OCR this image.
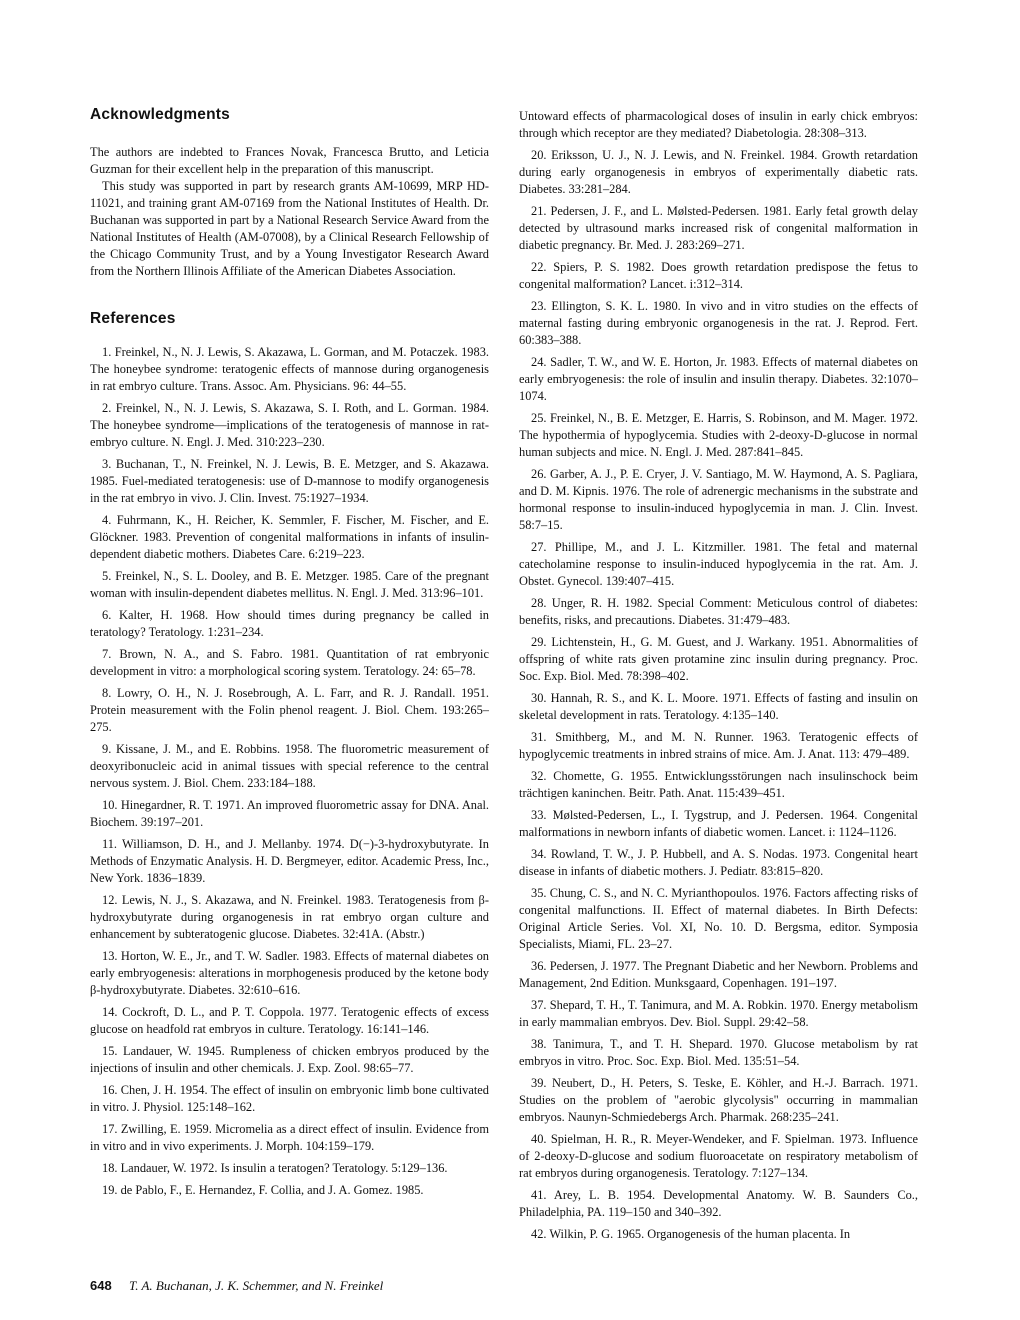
Acknowledgments

The authors are indebted to Frances Novak, Francesca Brutto, and Leticia Guzman for their excellent help in the preparation of this manuscript.

This study was supported in part by research grants AM-10699, MRP HD-11021, and training grant AM-07169 from the National Institutes of Health. Dr. Buchanan was supported in part by a National Research Service Award from the National Institutes of Health (AM-07008), by a Clinical Research Fellowship of the Chicago Community Trust, and by a Young Investigator Research Award from the Northern Illinois Affiliate of the American Diabetes Association.

References

1. Freinkel, N., N. J. Lewis, S. Akazawa, L. Gorman, and M. Potaczek. 1983. The honeybee syndrome: teratogenic effects of mannose during organogenesis in rat embryo culture. Trans. Assoc. Am. Physicians. 96: 44–55.

2. Freinkel, N., N. J. Lewis, S. Akazawa, S. I. Roth, and L. Gorman. 1984. The honeybee syndrome—implications of the teratogenesis of mannose in rat-embryo culture. N. Engl. J. Med. 310:223–230.

3. Buchanan, T., N. Freinkel, N. J. Lewis, B. E. Metzger, and S. Akazawa. 1985. Fuel-mediated teratogenesis: use of D-mannose to modify organogenesis in the rat embryo in vivo. J. Clin. Invest. 75:1927–1934.

4. Fuhrmann, K., H. Reicher, K. Semmler, F. Fischer, M. Fischer, and E. Glöckner. 1983. Prevention of congenital malformations in infants of insulin-dependent diabetic mothers. Diabetes Care. 6:219–223.

5. Freinkel, N., S. L. Dooley, and B. E. Metzger. 1985. Care of the pregnant woman with insulin-dependent diabetes mellitus. N. Engl. J. Med. 313:96–101.

6. Kalter, H. 1968. How should times during pregnancy be called in teratology? Teratology. 1:231–234.

7. Brown, N. A., and S. Fabro. 1981. Quantitation of rat embryonic development in vitro: a morphological scoring system. Teratology. 24: 65–78.

8. Lowry, O. H., N. J. Rosebrough, A. L. Farr, and R. J. Randall. 1951. Protein measurement with the Folin phenol reagent. J. Biol. Chem. 193:265–275.

9. Kissane, J. M., and E. Robbins. 1958. The fluorometric measurement of deoxyribonucleic acid in animal tissues with special reference to the central nervous system. J. Biol. Chem. 233:184–188.

10. Hinegardner, R. T. 1971. An improved fluorometric assay for DNA. Anal. Biochem. 39:197–201.

11. Williamson, D. H., and J. Mellanby. 1974. D(−)-3-hydroxybutyrate. In Methods of Enzymatic Analysis. H. D. Bergmeyer, editor. Academic Press, Inc., New York. 1836–1839.

12. Lewis, N. J., S. Akazawa, and N. Freinkel. 1983. Teratogenesis from β-hydroxybutyrate during organogenesis in rat embryo organ culture and enhancement by subteratogenic glucose. Diabetes. 32:41A. (Abstr.)

13. Horton, W. E., Jr., and T. W. Sadler. 1983. Effects of maternal diabetes on early embryogenesis: alterations in morphogenesis produced by the ketone body β-hydroxybutyrate. Diabetes. 32:610–616.

14. Cockroft, D. L., and P. T. Coppola. 1977. Teratogenic effects of excess glucose on headfold rat embryos in culture. Teratology. 16:141–146.

15. Landauer, W. 1945. Rumpleness of chicken embryos produced by the injections of insulin and other chemicals. J. Exp. Zool. 98:65–77.

16. Chen, J. H. 1954. The effect of insulin on embryonic limb bone cultivated in vitro. J. Physiol. 125:148–162.

17. Zwilling, E. 1959. Micromelia as a direct effect of insulin. Evidence from in vitro and in vivo experiments. J. Morph. 104:159–179.

18. Landauer, W. 1972. Is insulin a teratogen? Teratology. 5:129–136.

19. de Pablo, F., E. Hernandez, F. Collia, and J. A. Gomez. 1985.

Untoward effects of pharmacological doses of insulin in early chick embryos: through which receptor are they mediated? Diabetologia. 28:308–313.

20. Eriksson, U. J., N. J. Lewis, and N. Freinkel. 1984. Growth retardation during early organogenesis in embryos of experimentally diabetic rats. Diabetes. 33:281–284.

21. Pedersen, J. F., and L. Mølsted-Pedersen. 1981. Early fetal growth delay detected by ultrasound marks increased risk of congenital malformation in diabetic pregnancy. Br. Med. J. 283:269–271.

22. Spiers, P. S. 1982. Does growth retardation predispose the fetus to congenital malformation? Lancet. i:312–314.

23. Ellington, S. K. L. 1980. In vivo and in vitro studies on the effects of maternal fasting during embryonic organogenesis in the rat. J. Reprod. Fert. 60:383–388.

24. Sadler, T. W., and W. E. Horton, Jr. 1983. Effects of maternal diabetes on early embryogenesis: the role of insulin and insulin therapy. Diabetes. 32:1070–1074.

25. Freinkel, N., B. E. Metzger, E. Harris, S. Robinson, and M. Mager. 1972. The hypothermia of hypoglycemia. Studies with 2-deoxy-D-glucose in normal human subjects and mice. N. Engl. J. Med. 287:841–845.

26. Garber, A. J., P. E. Cryer, J. V. Santiago, M. W. Haymond, A. S. Pagliara, and D. M. Kipnis. 1976. The role of adrenergic mechanisms in the substrate and hormonal response to insulin-induced hypoglycemia in man. J. Clin. Invest. 58:7–15.

27. Phillipe, M., and J. L. Kitzmiller. 1981. The fetal and maternal catecholamine response to insulin-induced hypoglycemia in the rat. Am. J. Obstet. Gynecol. 139:407–415.

28. Unger, R. H. 1982. Special Comment: Meticulous control of diabetes: benefits, risks, and precautions. Diabetes. 31:479–483.

29. Lichtenstein, H., G. M. Guest, and J. Warkany. 1951. Abnormalities of offspring of white rats given protamine zinc insulin during pregnancy. Proc. Soc. Exp. Biol. Med. 78:398–402.

30. Hannah, R. S., and K. L. Moore. 1971. Effects of fasting and insulin on skeletal development in rats. Teratology. 4:135–140.

31. Smithberg, M., and M. N. Runner. 1963. Teratogenic effects of hypoglycemic treatments in inbred strains of mice. Am. J. Anat. 113: 479–489.

32. Chomette, G. 1955. Entwicklungsstörungen nach insulinschock beim trächtigen kaninchen. Beitr. Path. Anat. 115:439–451.

33. Mølsted-Pedersen, L., I. Tygstrup, and J. Pedersen. 1964. Congenital malformations in newborn infants of diabetic women. Lancet. i: 1124–1126.

34. Rowland, T. W., J. P. Hubbell, and A. S. Nodas. 1973. Congenital heart disease in infants of diabetic mothers. J. Pediatr. 83:815–820.

35. Chung, C. S., and N. C. Myrianthopoulos. 1976. Factors affecting risks of congenital malfunctions. II. Effect of maternal diabetes. In Birth Defects: Original Article Series. Vol. XI, No. 10. D. Bergsma, editor. Symposia Specialists, Miami, FL. 23–27.

36. Pedersen, J. 1977. The Pregnant Diabetic and her Newborn. Problems and Management, 2nd Edition. Munksgaard, Copenhagen. 191–197.

37. Shepard, T. H., T. Tanimura, and M. A. Robkin. 1970. Energy metabolism in early mammalian embryos. Dev. Biol. Suppl. 29:42–58.

38. Tanimura, T., and T. H. Shepard. 1970. Glucose metabolism by rat embryos in vitro. Proc. Soc. Exp. Biol. Med. 135:51–54.

39. Neubert, D., H. Peters, S. Teske, E. Köhler, and H.-J. Barrach. 1971. Studies on the problem of "aerobic glycolysis" occurring in mammalian embryos. Naunyn-Schmiedebergs Arch. Pharmak. 268:235–241.

40. Spielman, H. R., R. Meyer-Wendeker, and F. Spielman. 1973. Influence of 2-deoxy-D-glucose and sodium fluoroacetate on respiratory metabolism of rat embryos during organogenesis. Teratology. 7:127–134.

41. Arey, L. B. 1954. Developmental Anatomy. W. B. Saunders Co., Philadelphia, PA. 119–150 and 340–392.

42. Wilkin, P. G. 1965. Organogenesis of the human placenta. In

648 T. A. Buchanan, J. K. Schemmer, and N. Freinkel
